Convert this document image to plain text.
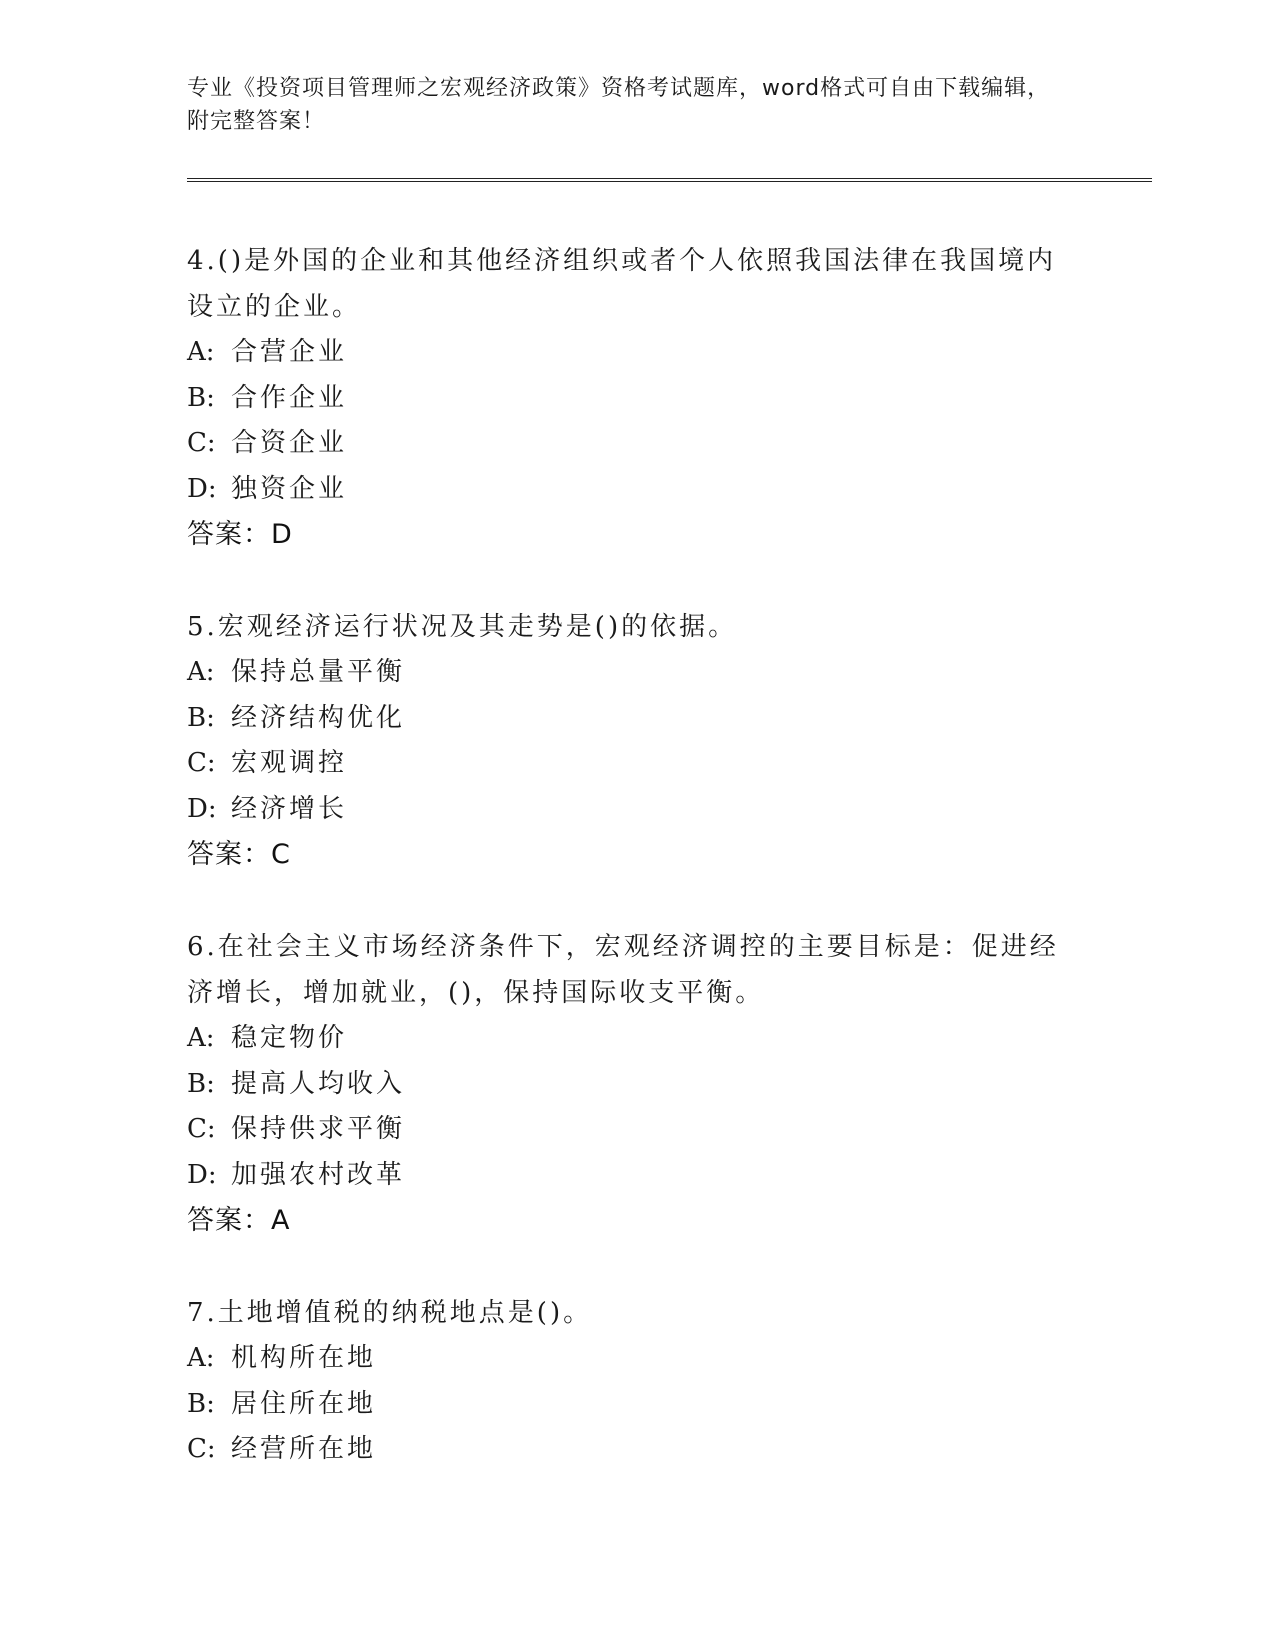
专业《投资项目管理师之宏观经济政策》资格考试题库，word格式可自由下载编辑，附完整答案！
4.()是外国的企业和其他经济组织或者个人依照我国法律在我国境内设立的企业。
A: 合营企业
B: 合作企业
C: 合资企业
D: 独资企业
答案：D
5.宏观经济运行状况及其走势是()的依据。
A: 保持总量平衡
B: 经济结构优化
C: 宏观调控
D: 经济增长
答案：C
6.在社会主义市场经济条件下，宏观经济调控的主要目标是：促进经济增长，增加就业，()，保持国际收支平衡。
A: 稳定物价
B: 提高人均收入
C: 保持供求平衡
D: 加强农村改革
答案：A
7.土地增值税的纳税地点是()。
A: 机构所在地
B: 居住所在地
C: 经营所在地
